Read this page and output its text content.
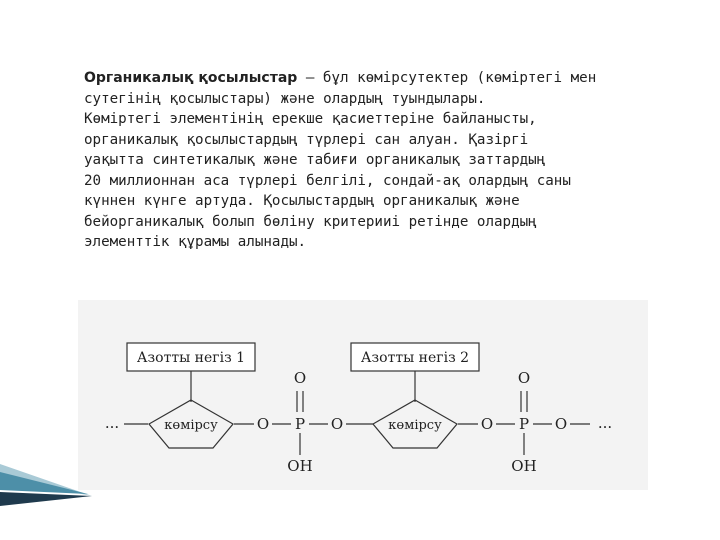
Органикалық қосылыстар – бұл көмірсутектер (көміртегі мен
сутегінің қосылыстары) және олардың туындылары.
Көміртегі элементінің ерекше қасиеттеріне байланысты,
органикалық қосылыстардың түрлері сан алуан. Қазіргі
уақытта синтетикалық және табиғи органикалық заттардың
20 миллионнан аса түрлері белгілі, сондай-ақ олардың саны
күннен күнге артуда. Қосылыстардың органикалық және
бейорганикалық болып бөліну критерииі ретінде олардың
элементтік құрамы алынады.
Азотты негіз 1	Азотты негіз 2
...	көмірсу	O P
O
OH
O	көмірсу	O P
O
OH
O ...
